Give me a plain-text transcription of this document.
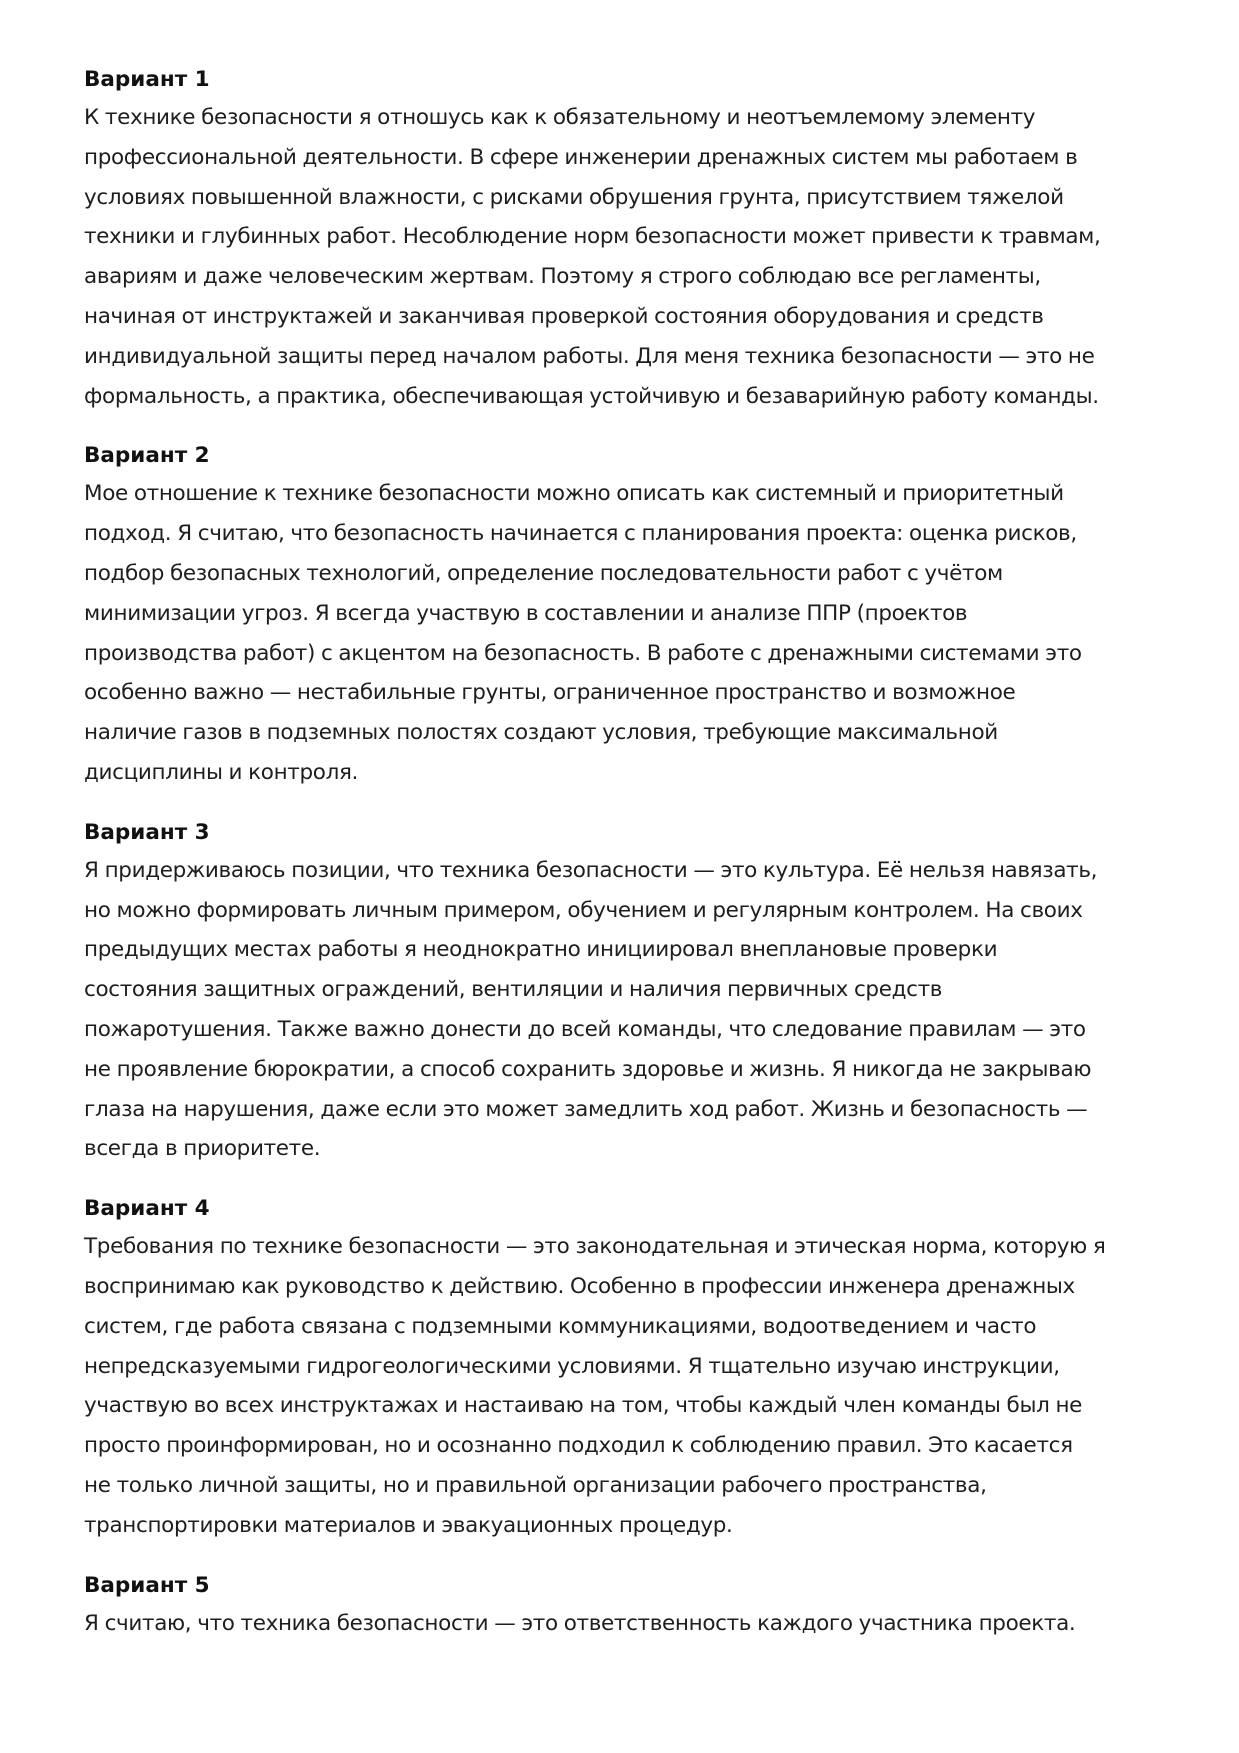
Вариант 1

К технике безопасности я отношусь как к обязательному и неотъемлемому элементу
профессиональной деятельности. В сфере инженерии дренажных систем мы работаем в
условиях повышенной влажности, с рисками обрушения грунта, присутствием тяжелой
техники и глубинных работ. Несоблюдение норм безопасности может привести к травмам,
авариям и даже человеческим жертвам. Поэтому я строго соблюдаю все регламенты,
начиная от инструктажей и заканчивая проверкой состояния оборудования и средств
индивидуальной защиты перед началом работы. Для меня техника безопасности — это не
формальность, а практика, обеспечивающая устойчивую и безаварийную работу команды.

Вариант 2

Мое отношение к технике безопасности можно описать как системный и приоритетный
подход. Я считаю, что безопасность начинается с планирования проекта: оценка рисков,
подбор безопасных технологий, определение последовательности работ с учётом
минимизации угроз. Я всегда участвую в составлении и анализе ППР (проектов
производства работ) с акцентом на безопасность. В работе с дренажными системами это
особенно важно — нестабильные грунты, ограниченное пространство и возможное
наличие газов в подземных полостях создают условия, требующие максимальной
дисциплины и контроля.

Вариант 3

Я придерживаюсь позиции, что техника безопасности — это культура. Её нельзя навязать,
но можно формировать личным примером, обучением и регулярным контролем. На своих
предыдущих местах работы я неоднократно инициировал внеплановые проверки
состояния защитных ограждений, вентиляции и наличия первичных средств
пожаротушения. Также важно донести до всей команды, что следование правилам — это
не проявление бюрократии, а способ сохранить здоровье и жизнь. Я никогда не закрываю
глаза на нарушения, даже если это может замедлить ход работ. Жизнь и безопасность —
всегда в приоритете.

Вариант 4

Требования по технике безопасности — это законодательная и этическая норма, которую я
воспринимаю как руководство к действию. Особенно в профессии инженера дренажных
систем, где работа связана с подземными коммуникациями, водоотведением и часто
непредсказуемыми гидрогеологическими условиями. Я тщательно изучаю инструкции,
участвую во всех инструктажах и настаиваю на том, чтобы каждый член команды был не
просто проинформирован, но и осознанно подходил к соблюдению правил. Это касается
не только личной защиты, но и правильной организации рабочего пространства,
транспортировки материалов и эвакуационных процедур.

Вариант 5

Я считаю, что техника безопасности — это ответственность каждого участника проекта.
